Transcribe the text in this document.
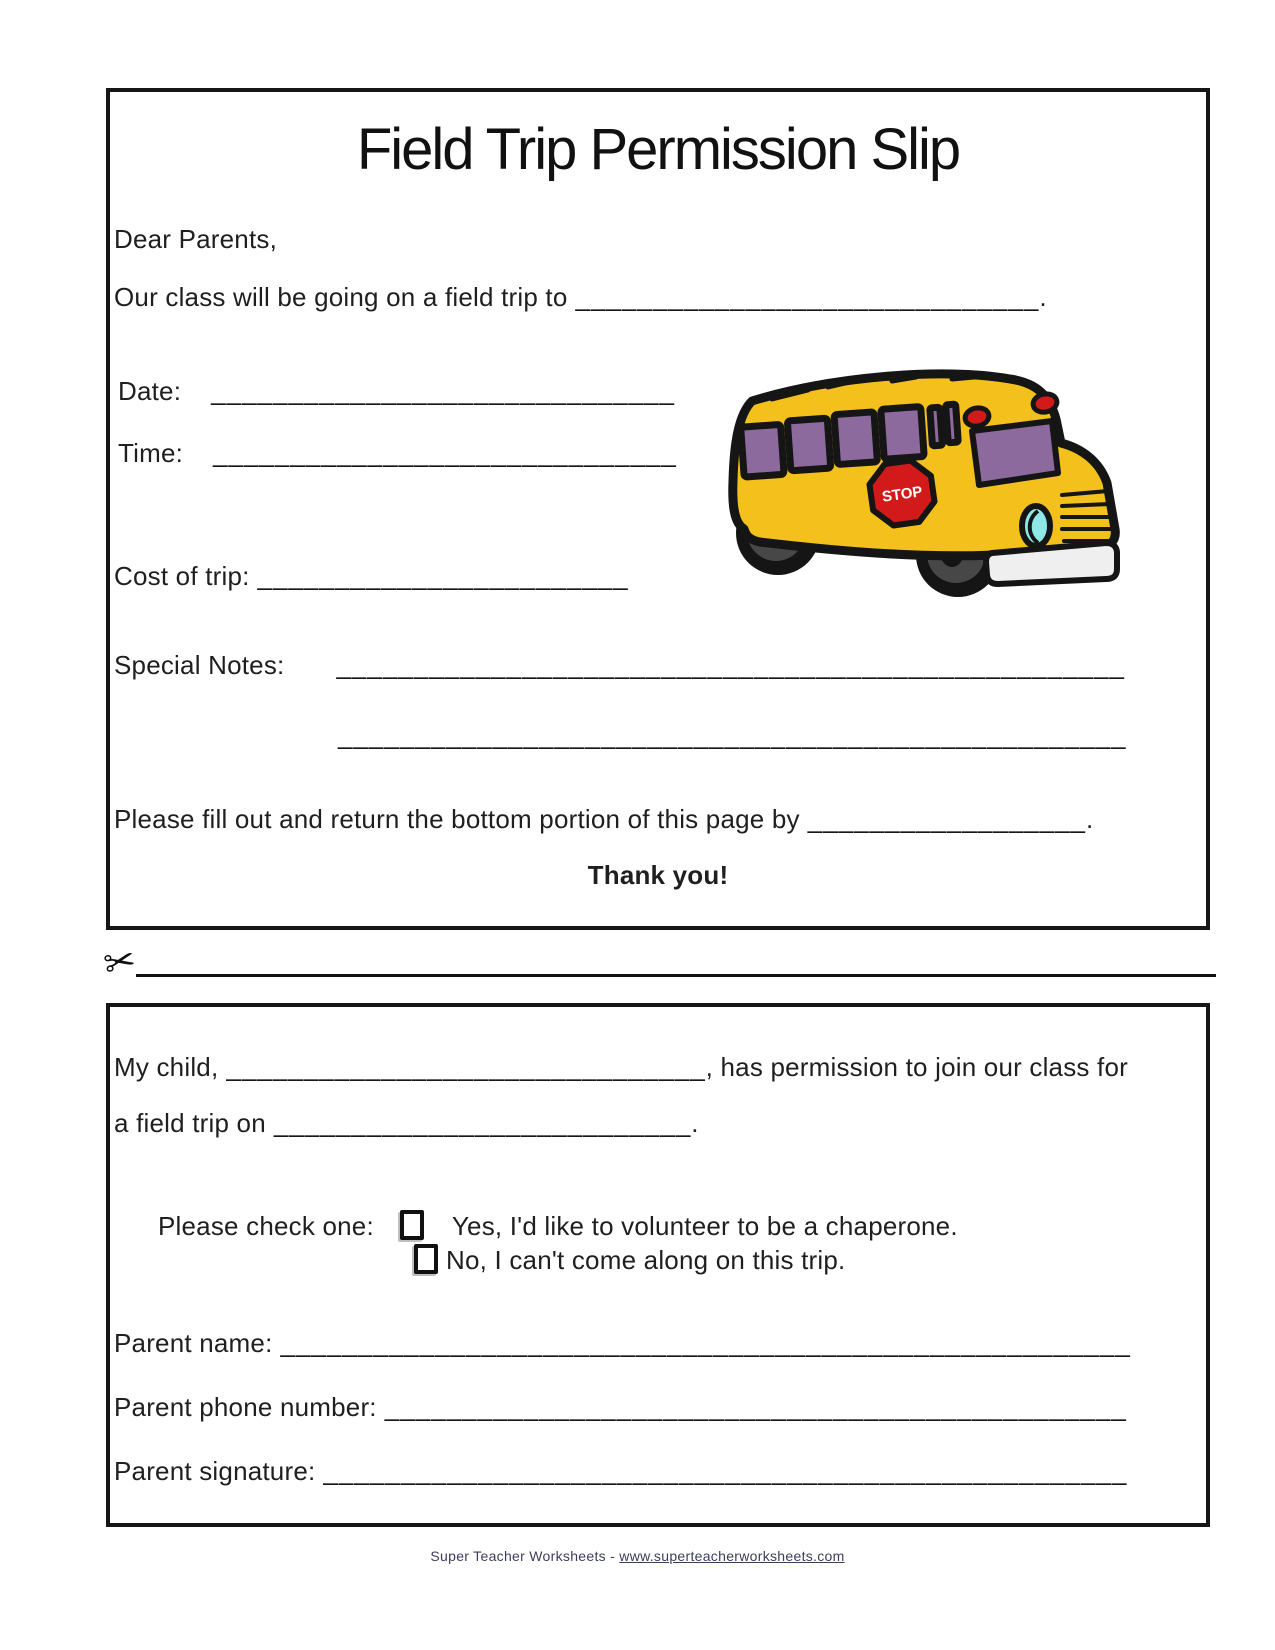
Field Trip Permission Slip
Dear Parents,
Our class will be going on a field trip to ______________________________.
Date: ______________________________
Time: ______________________________
Cost of trip: ________________________
Special Notes: ___________________________________________________
___________________________________________________
Please fill out and return the bottom portion of this page by __________________.
Thank you!
STOP
✂
My child, _______________________________, has permission to join our class for
a field trip on ___________________________.
Please check one:	Yes, I'd like to volunteer to be a chaperone.
No, I can't come along on this trip.
Parent name: _______________________________________________________
Parent phone number: ________________________________________________
Parent signature: ____________________________________________________
Super Teacher Worksheets - www.superteacherworksheets.com
